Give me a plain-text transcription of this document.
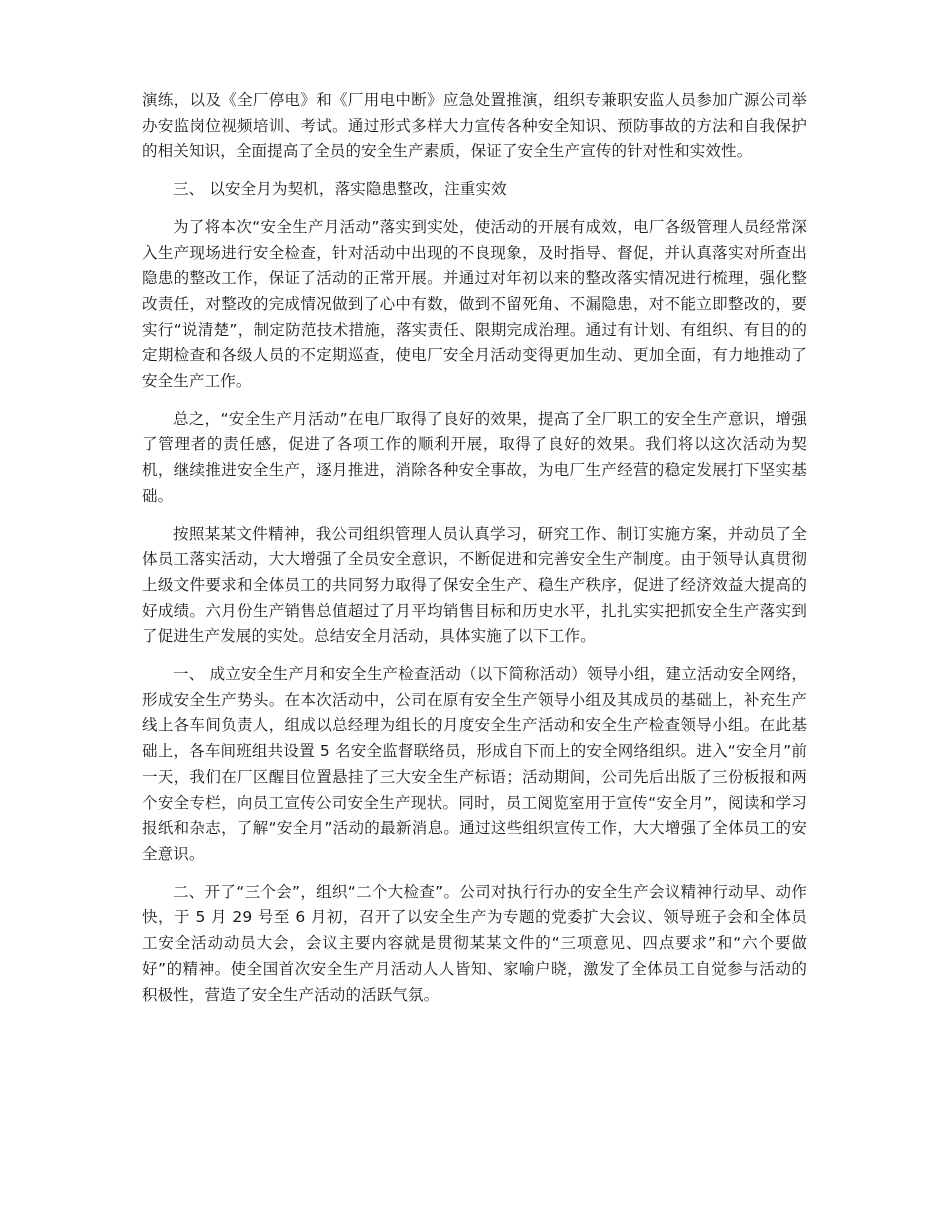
演练，以及《全厂停电》和《厂用电中断》应急处置推演，组织专兼职安监人员参加广源公司举办安监岗位视频培训、考试。通过形式多样大力宣传各种安全知识、预防事故的方法和自我保护的相关知识，全面提高了全员的安全生产素质，保证了安全生产宣传的针对性和实效性。

三、 以安全月为契机，落实隐患整改，注重实效

为了将本次“安全生产月活动”落实到实处，使活动的开展有成效，电厂各级管理人员经常深入生产现场进行安全检查，针对活动中出现的不良现象，及时指导、督促，并认真落实对所查出隐患的整改工作，保证了活动的正常开展。并通过对年初以来的整改落实情况进行梳理，强化整改责任，对整改的完成情况做到了心中有数，做到不留死角、不漏隐患，对不能立即整改的，要实行“说清楚”，制定防范技术措施，落实责任、限期完成治理。通过有计划、有组织、有目的的定期检查和各级人员的不定期巡查，使电厂安全月活动变得更加生动、更加全面，有力地推动了安全生产工作。

总之，“安全生产月活动”在电厂取得了良好的效果，提高了全厂职工的安全生产意识，增强了管理者的责任感，促进了各项工作的顺利开展，取得了良好的效果。我们将以这次活动为契机，继续推进安全生产，逐月推进，消除各种安全事故，为电厂生产经营的稳定发展打下坚实基础。

按照某某文件精神，我公司组织管理人员认真学习，研究工作、制订实施方案，并动员了全体员工落实活动，大大增强了全员安全意识，不断促进和完善安全生产制度。由于领导认真贯彻上级文件要求和全体员工的共同努力取得了保安全生产、稳生产秩序，促进了经济效益大提高的好成绩。六月份生产销售总值超过了月平均销售目标和历史水平，扎扎实实把抓安全生产落实到了促进生产发展的实处。总结安全月活动，具体实施了以下工作。

一、 成立安全生产月和安全生产检查活动（以下简称活动）领导小组，建立活动安全网络，形成安全生产势头。在本次活动中，公司在原有安全生产领导小组及其成员的基础上，补充生产线上各车间负责人，组成以总经理为组长的月度安全生产活动和安全生产检查领导小组。在此基础上，各车间班组共设置 5 名安全监督联络员，形成自下而上的安全网络组织。进入“安全月”前一天，我们在厂区醒目位置悬挂了三大安全生产标语；活动期间，公司先后出版了三份板报和两个安全专栏，向员工宣传公司安全生产现状。同时，员工阅览室用于宣传“安全月”，阅读和学习报纸和杂志，了解“安全月”活动的最新消息。通过这些组织宣传工作，大大增强了全体员工的安全意识。

二、开了“三个会”，组织“二个大检查”。公司对执行行办的安全生产会议精神行动早、动作快，于 5 月 29 号至 6 月初，召开了以安全生产为专题的党委扩大会议、领导班子会和全体员工安全活动动员大会，会议主要内容就是贯彻某某文件的“三项意见、四点要求”和“六个要做好”的精神。使全国首次安全生产月活动人人皆知、家喻户晓，激发了全体员工自觉参与活动的积极性，营造了安全生产活动的活跃气氛。
